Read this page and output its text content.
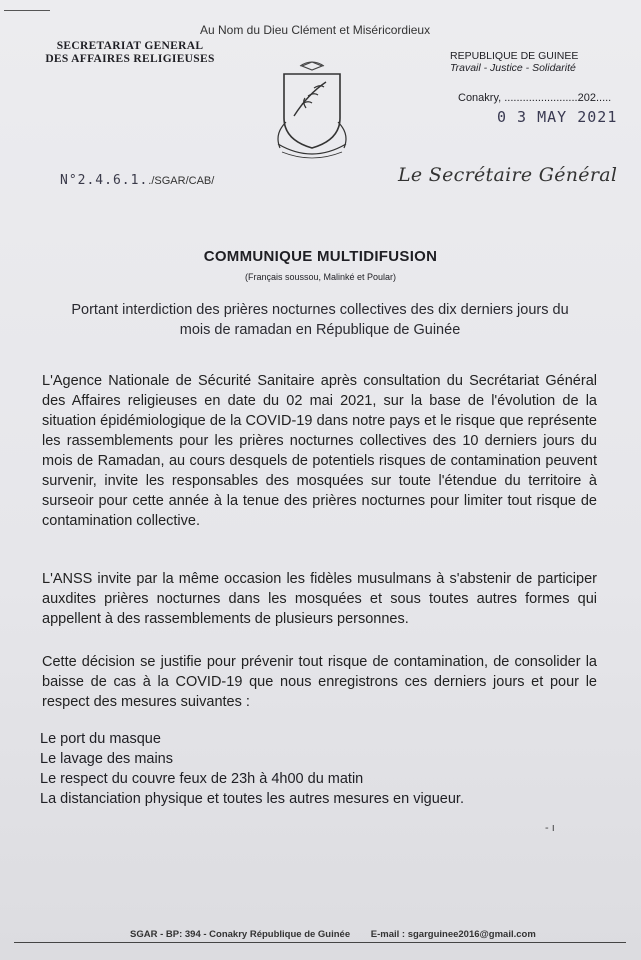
Au Nom du Dieu Clément et Miséricordieux
SECRETARIAT GENERAL
DES AFFAIRES RELIGIEUSES	REPUBLIQUE DE GUINEE
Travail - Justice - Solidarité
Conakry, ........................202.....
0 3 MAY 2021
N°2.4.6.1../SGAR/CAB/	Le Secrétaire Général
COMMUNIQUE MULTIDIFUSION
(Français soussou, Malinké et Poular)
Portant interdiction des prières nocturnes collectives des dix derniers jours du mois de ramadan en République de Guinée
L'Agence Nationale de Sécurité Sanitaire après consultation du Secrétariat Général des Affaires religieuses en date du 02 mai 2021, sur la base de l'évolution de la situation épidémiologique de la COVID-19 dans notre pays et le risque que représente les rassemblements pour les prières nocturnes collectives des 10 derniers jours du mois de Ramadan, au cours desquels de potentiels risques de contamination peuvent survenir, invite les responsables des mosquées sur toute l'étendue du territoire à surseoir pour cette année à la tenue des prières nocturnes pour limiter tout risque de contamination collective.
L'ANSS invite par la même occasion les fidèles musulmans à s'abstenir de participer auxdites prières nocturnes dans les mosquées et sous toutes autres formes qui appellent à des rassemblements de plusieurs personnes.
Cette décision se justifie pour prévenir tout risque de contamination, de consolider la baisse de cas à la COVID-19 que nous enregistrons ces derniers jours et pour le respect des mesures suivantes :
Le port du masque
Le lavage des mains
Le respect du couvre feux de 23h à 4h00 du matin
La distanciation physique et toutes les autres mesures en vigueur.
- ı
SGAR - BP: 394 - Conakry République de Guinée E-mail : sgarguinee2016@gmail.com
